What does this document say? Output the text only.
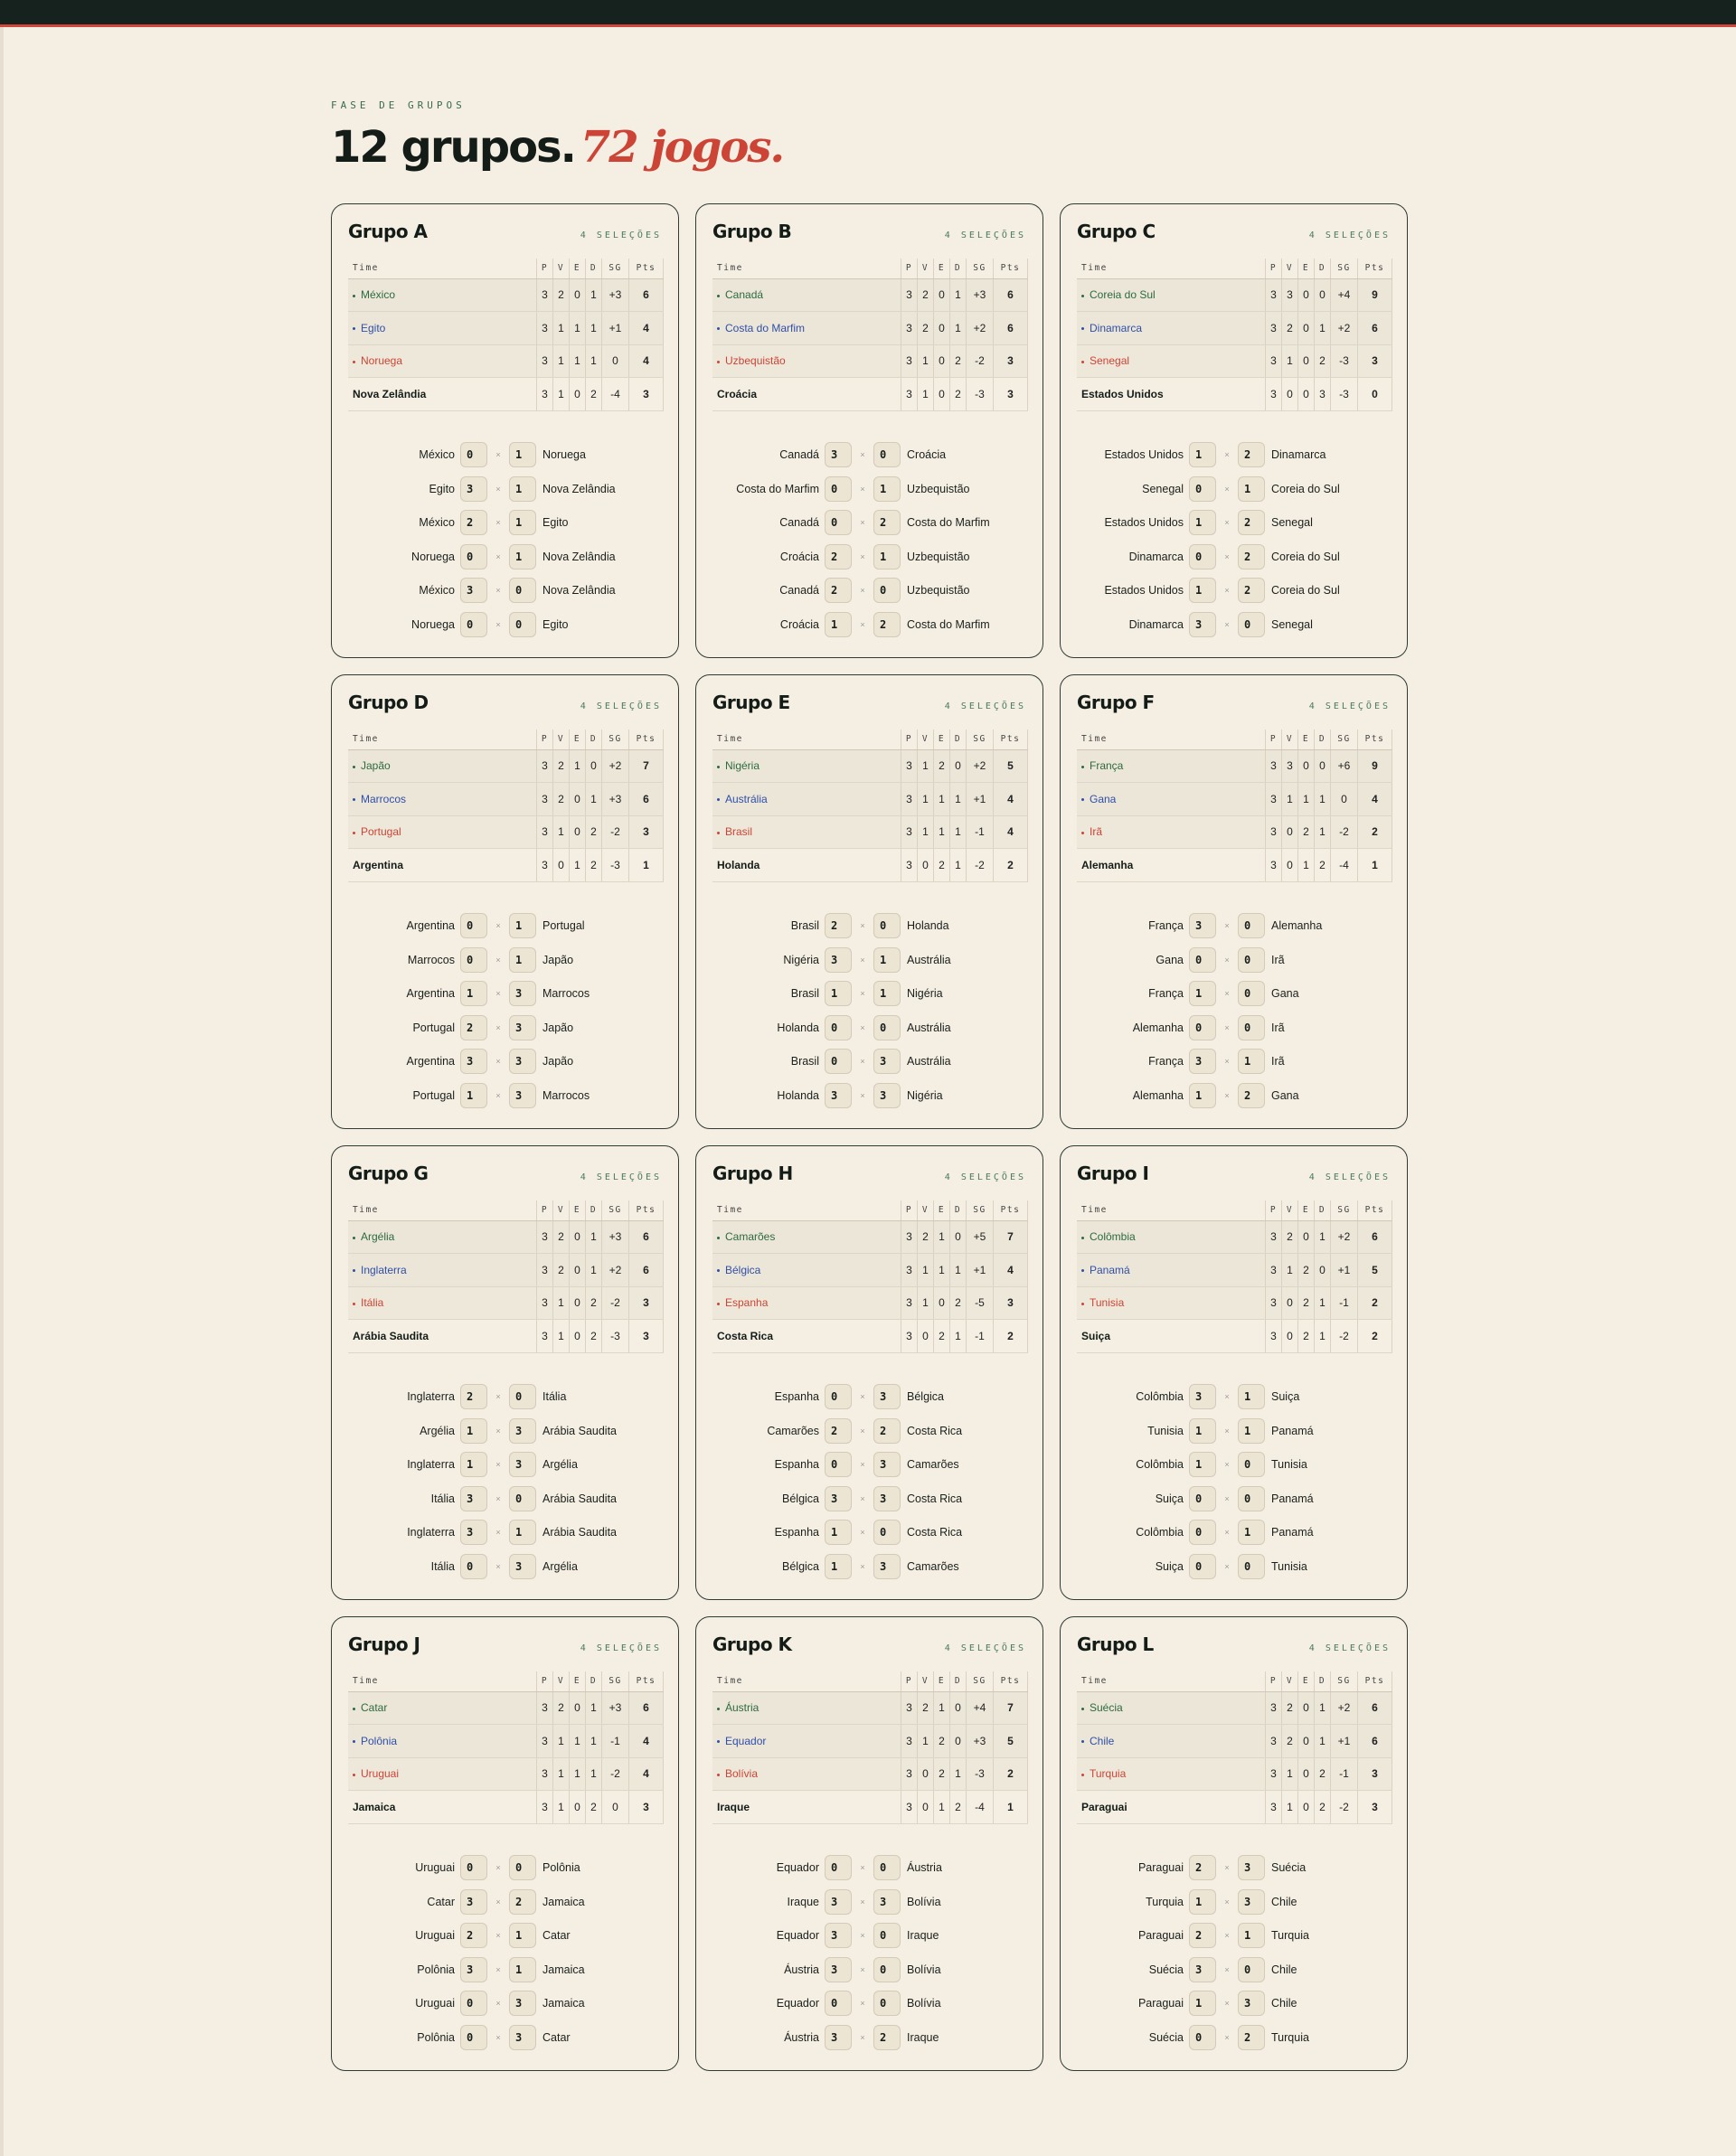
FASE DE GRUPOS
12 grupos. 72 jogos.
Grupo A	4 SELEÇÕES
Time	P	V	E	D	SG	Pts
México	3	2	0	1	+3	6
Egito	3	1	1	1	+1	4
Noruega	3	1	1	1	0	4
Nova Zelândia	3	1	0	2	-4	3
México	0	×	1	Noruega
Egito	3	×	1	Nova Zelândia
México	2	×	1	Egito
Noruega	0	×	1	Nova Zelândia
México	3	×	0	Nova Zelândia
Noruega	0	×	0	Egito
Grupo B	4 SELEÇÕES
Time	P	V	E	D	SG	Pts
Canadá	3	2	0	1	+3	6
Costa do Marfim	3	2	0	1	+2	6
Uzbequistão	3	1	0	2	-2	3
Croácia	3	1	0	2	-3	3
Canadá	3	×	0	Croácia
Costa do Marfim	0	×	1	Uzbequistão
Canadá	0	×	2	Costa do Marfim
Croácia	2	×	1	Uzbequistão
Canadá	2	×	0	Uzbequistão
Croácia	1	×	2	Costa do Marfim
Grupo C	4 SELEÇÕES
Time	P	V	E	D	SG	Pts
Coreia do Sul	3	3	0	0	+4	9
Dinamarca	3	2	0	1	+2	6
Senegal	3	1	0	2	-3	3
Estados Unidos	3	0	0	3	-3	0
Estados Unidos	1	×	2	Dinamarca
Senegal	0	×	1	Coreia do Sul
Estados Unidos	1	×	2	Senegal
Dinamarca	0	×	2	Coreia do Sul
Estados Unidos	1	×	2	Coreia do Sul
Dinamarca	3	×	0	Senegal
Grupo D	4 SELEÇÕES
Time	P	V	E	D	SG	Pts
Japão	3	2	1	0	+2	7
Marrocos	3	2	0	1	+3	6
Portugal	3	1	0	2	-2	3
Argentina	3	0	1	2	-3	1
Argentina	0	×	1	Portugal
Marrocos	0	×	1	Japão
Argentina	1	×	3	Marrocos
Portugal	2	×	3	Japão
Argentina	3	×	3	Japão
Portugal	1	×	3	Marrocos
Grupo E	4 SELEÇÕES
Time	P	V	E	D	SG	Pts
Nigéria	3	1	2	0	+2	5
Austrália	3	1	1	1	+1	4
Brasil	3	1	1	1	-1	4
Holanda	3	0	2	1	-2	2
Brasil	2	×	0	Holanda
Nigéria	3	×	1	Austrália
Brasil	1	×	1	Nigéria
Holanda	0	×	0	Austrália
Brasil	0	×	3	Austrália
Holanda	3	×	3	Nigéria
Grupo F	4 SELEÇÕES
Time	P	V	E	D	SG	Pts
França	3	3	0	0	+6	9
Gana	3	1	1	1	0	4
Irã	3	0	2	1	-2	2
Alemanha	3	0	1	2	-4	1
França	3	×	0	Alemanha
Gana	0	×	0	Irã
França	1	×	0	Gana
Alemanha	0	×	0	Irã
França	3	×	1	Irã
Alemanha	1	×	2	Gana
Grupo G	4 SELEÇÕES
Time	P	V	E	D	SG	Pts
Argélia	3	2	0	1	+3	6
Inglaterra	3	2	0	1	+2	6
Itália	3	1	0	2	-2	3
Arábia Saudita	3	1	0	2	-3	3
Inglaterra	2	×	0	Itália
Argélia	1	×	3	Arábia Saudita
Inglaterra	1	×	3	Argélia
Itália	3	×	0	Arábia Saudita
Inglaterra	3	×	1	Arábia Saudita
Itália	0	×	3	Argélia
Grupo H	4 SELEÇÕES
Time	P	V	E	D	SG	Pts
Camarões	3	2	1	0	+5	7
Bélgica	3	1	1	1	+1	4
Espanha	3	1	0	2	-5	3
Costa Rica	3	0	2	1	-1	2
Espanha	0	×	3	Bélgica
Camarões	2	×	2	Costa Rica
Espanha	0	×	3	Camarões
Bélgica	3	×	3	Costa Rica
Espanha	1	×	0	Costa Rica
Bélgica	1	×	3	Camarões
Grupo I	4 SELEÇÕES
Time	P	V	E	D	SG	Pts
Colômbia	3	2	0	1	+2	6
Panamá	3	1	2	0	+1	5
Tunisia	3	0	2	1	-1	2
Suiça	3	0	2	1	-2	2
Colômbia	3	×	1	Suiça
Tunisia	1	×	1	Panamá
Colômbia	1	×	0	Tunisia
Suiça	0	×	0	Panamá
Colômbia	0	×	1	Panamá
Suiça	0	×	0	Tunisia
Grupo J	4 SELEÇÕES
Time	P	V	E	D	SG	Pts
Catar	3	2	0	1	+3	6
Polônia	3	1	1	1	-1	4
Uruguai	3	1	1	1	-2	4
Jamaica	3	1	0	2	0	3
Uruguai	0	×	0	Polônia
Catar	3	×	2	Jamaica
Uruguai	2	×	1	Catar
Polônia	3	×	1	Jamaica
Uruguai	0	×	3	Jamaica
Polônia	0	×	3	Catar
Grupo K	4 SELEÇÕES
Time	P	V	E	D	SG	Pts
Áustria	3	2	1	0	+4	7
Equador	3	1	2	0	+3	5
Bolívia	3	0	2	1	-3	2
Iraque	3	0	1	2	-4	1
Equador	0	×	0	Áustria
Iraque	3	×	3	Bolívia
Equador	3	×	0	Iraque
Áustria	3	×	0	Bolívia
Equador	0	×	0	Bolívia
Áustria	3	×	2	Iraque
Grupo L	4 SELEÇÕES
Time	P	V	E	D	SG	Pts
Suécia	3	2	0	1	+2	6
Chile	3	2	0	1	+1	6
Turquia	3	1	0	2	-1	3
Paraguai	3	1	0	2	-2	3
Paraguai	2	×	3	Suécia
Turquia	1	×	3	Chile
Paraguai	2	×	1	Turquia
Suécia	3	×	0	Chile
Paraguai	1	×	3	Chile
Suécia	0	×	2	Turquia
